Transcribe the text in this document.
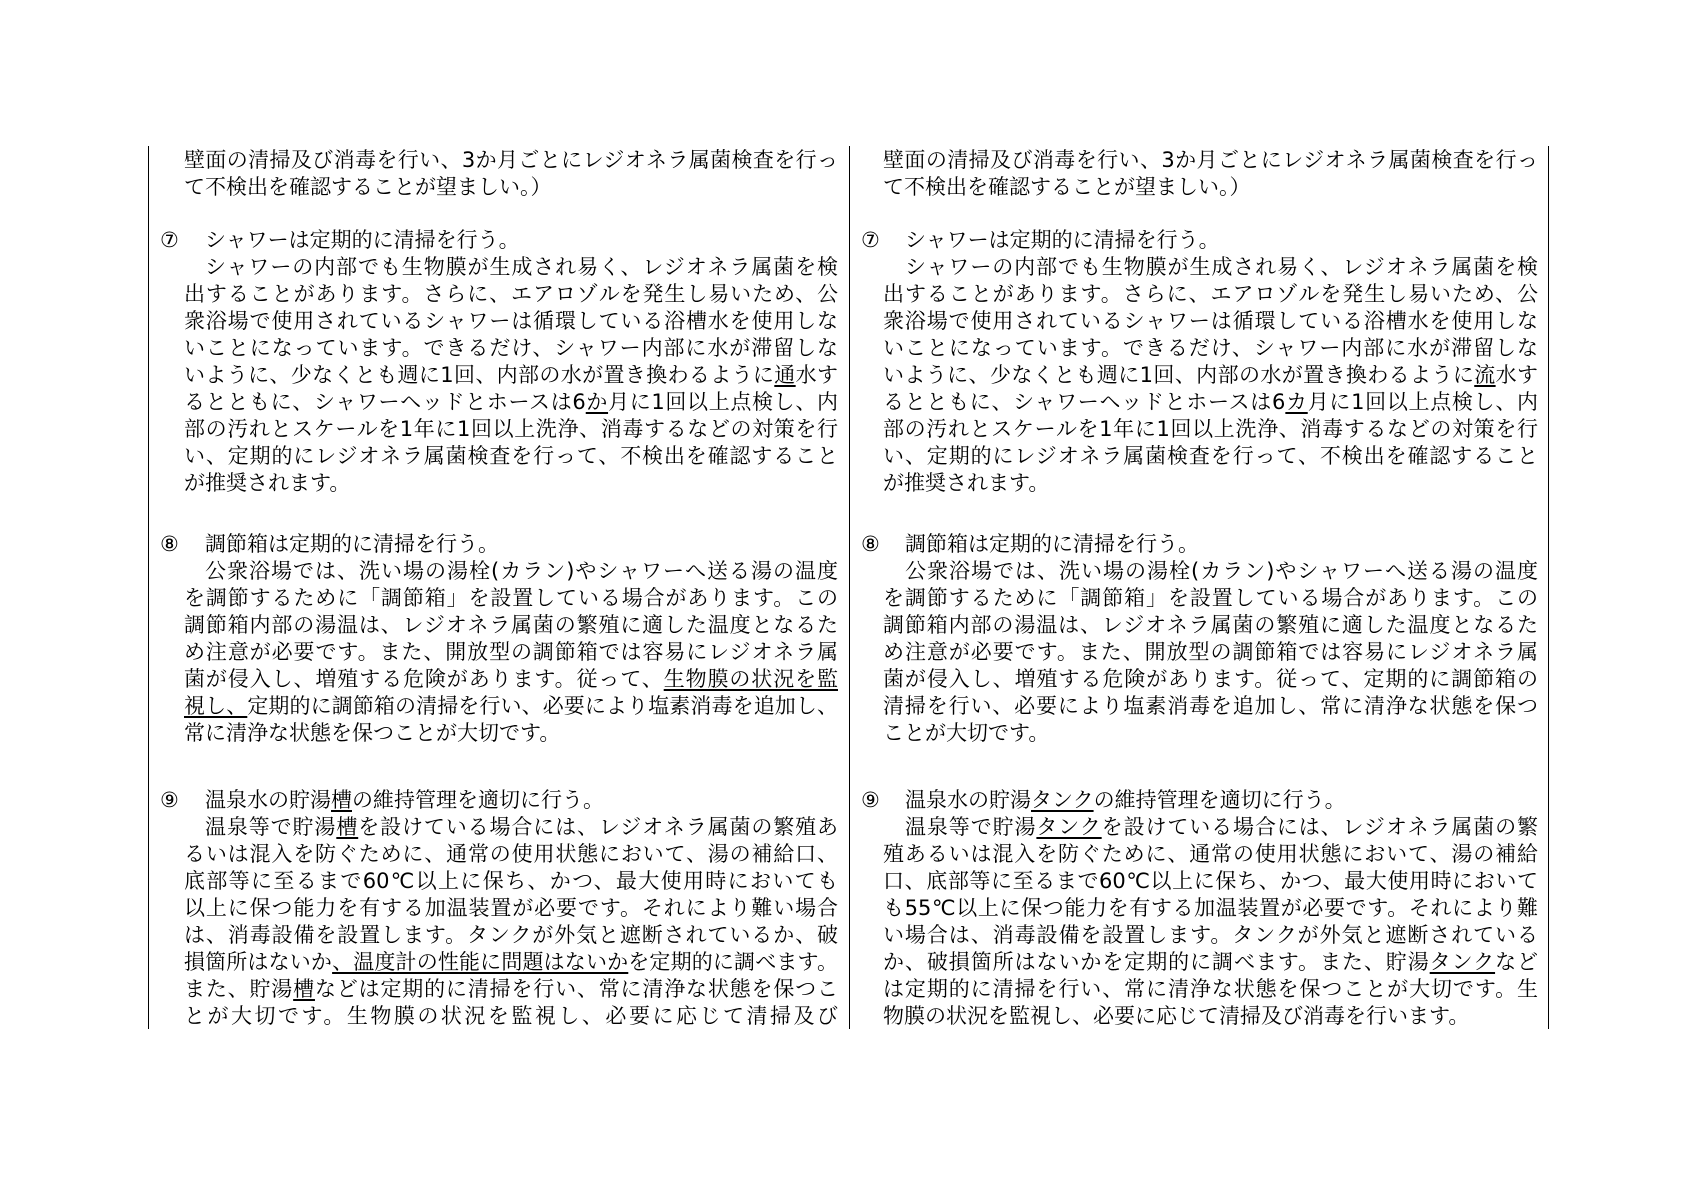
壁面の清掃及び消毒を行い、3か月ごとにレジオネラ属菌検査を行っ
て不検出を確認することが望ましい。）
⑦ シャワーは定期的に清掃を行う。
シャワーの内部でも生物膜が生成され易く、レジオネラ属菌を検
出することがあります。さらに、エアロゾルを発生し易いため、公
衆浴場で使用されているシャワーは循環している浴槽水を使用しな
いことになっています。できるだけ、シャワー内部に水が滞留しな
いように、少なくとも週に1回、内部の水が置き換わるように通水す
るとともに、シャワーヘッドとホースは6か月に1回以上点検し、内
部の汚れとスケールを1年に1回以上洗浄、消毒するなどの対策を行
い、定期的にレジオネラ属菌検査を行って、不検出を確認すること
が推奨されます。
⑧ 調節箱は定期的に清掃を行う。
公衆浴場では、洗い場の湯栓(カラン)やシャワーへ送る湯の温度
を調節するために「調節箱」を設置している場合があります。この
調節箱内部の湯温は、レジオネラ属菌の繁殖に適した温度となるた
め注意が必要です。また、開放型の調節箱では容易にレジオネラ属
菌が侵入し、増殖する危険があります。従って、生物膜の状況を監
視し、定期的に調節箱の清掃を行い、必要により塩素消毒を追加し、
常に清浄な状態を保つことが大切です。
⑨ 温泉水の貯湯槽の維持管理を適切に行う。
温泉等で貯湯槽を設けている場合には、レジオネラ属菌の繁殖あ
るいは混入を防ぐために、通常の使用状態において、湯の補給口、
底部等に至るまで60℃以上に保ち、かつ、最大使用時においても
以上に保つ能力を有する加温装置が必要です。それにより難い場合
は、消毒設備を設置します。タンクが外気と遮断されているか、破
損箇所はないか、温度計の性能に問題はないかを定期的に調べます。
また、貯湯槽などは定期的に清掃を行い、常に清浄な状態を保つこ
とが大切です。生物膜の状況を監視し、必要に応じて清掃及び
壁面の清掃及び消毒を行い、3か月ごとにレジオネラ属菌検査を行っ
て不検出を確認することが望ましい。）
⑦ シャワーは定期的に清掃を行う。
シャワーの内部でも生物膜が生成され易く、レジオネラ属菌を検
出することがあります。さらに、エアロゾルを発生し易いため、公
衆浴場で使用されているシャワーは循環している浴槽水を使用しな
いことになっています。できるだけ、シャワー内部に水が滞留しな
いように、少なくとも週に1回、内部の水が置き換わるように流水す
るとともに、シャワーヘッドとホースは6カ月に1回以上点検し、内
部の汚れとスケールを1年に1回以上洗浄、消毒するなどの対策を行
い、定期的にレジオネラ属菌検査を行って、不検出を確認すること
が推奨されます。
⑧ 調節箱は定期的に清掃を行う。
公衆浴場では、洗い場の湯栓(カラン)やシャワーへ送る湯の温度
を調節するために「調節箱」を設置している場合があります。この
調節箱内部の湯温は、レジオネラ属菌の繁殖に適した温度となるた
め注意が必要です。また、開放型の調節箱では容易にレジオネラ属
菌が侵入し、増殖する危険があります。従って、定期的に調節箱の
清掃を行い、必要により塩素消毒を追加し、常に清浄な状態を保つ
ことが大切です。
⑨ 温泉水の貯湯タンクの維持管理を適切に行う。
温泉等で貯湯タンクを設けている場合には、レジオネラ属菌の繁
殖あるいは混入を防ぐために、通常の使用状態において、湯の補給
口、底部等に至るまで60℃以上に保ち、かつ、最大使用時において
も55℃以上に保つ能力を有する加温装置が必要です。それにより難
い場合は、消毒設備を設置します。タンクが外気と遮断されている
か、破損箇所はないかを定期的に調べます。また、貯湯タンクなど
は定期的に清掃を行い、常に清浄な状態を保つことが大切です。生
物膜の状況を監視し、必要に応じて清掃及び消毒を行います。
